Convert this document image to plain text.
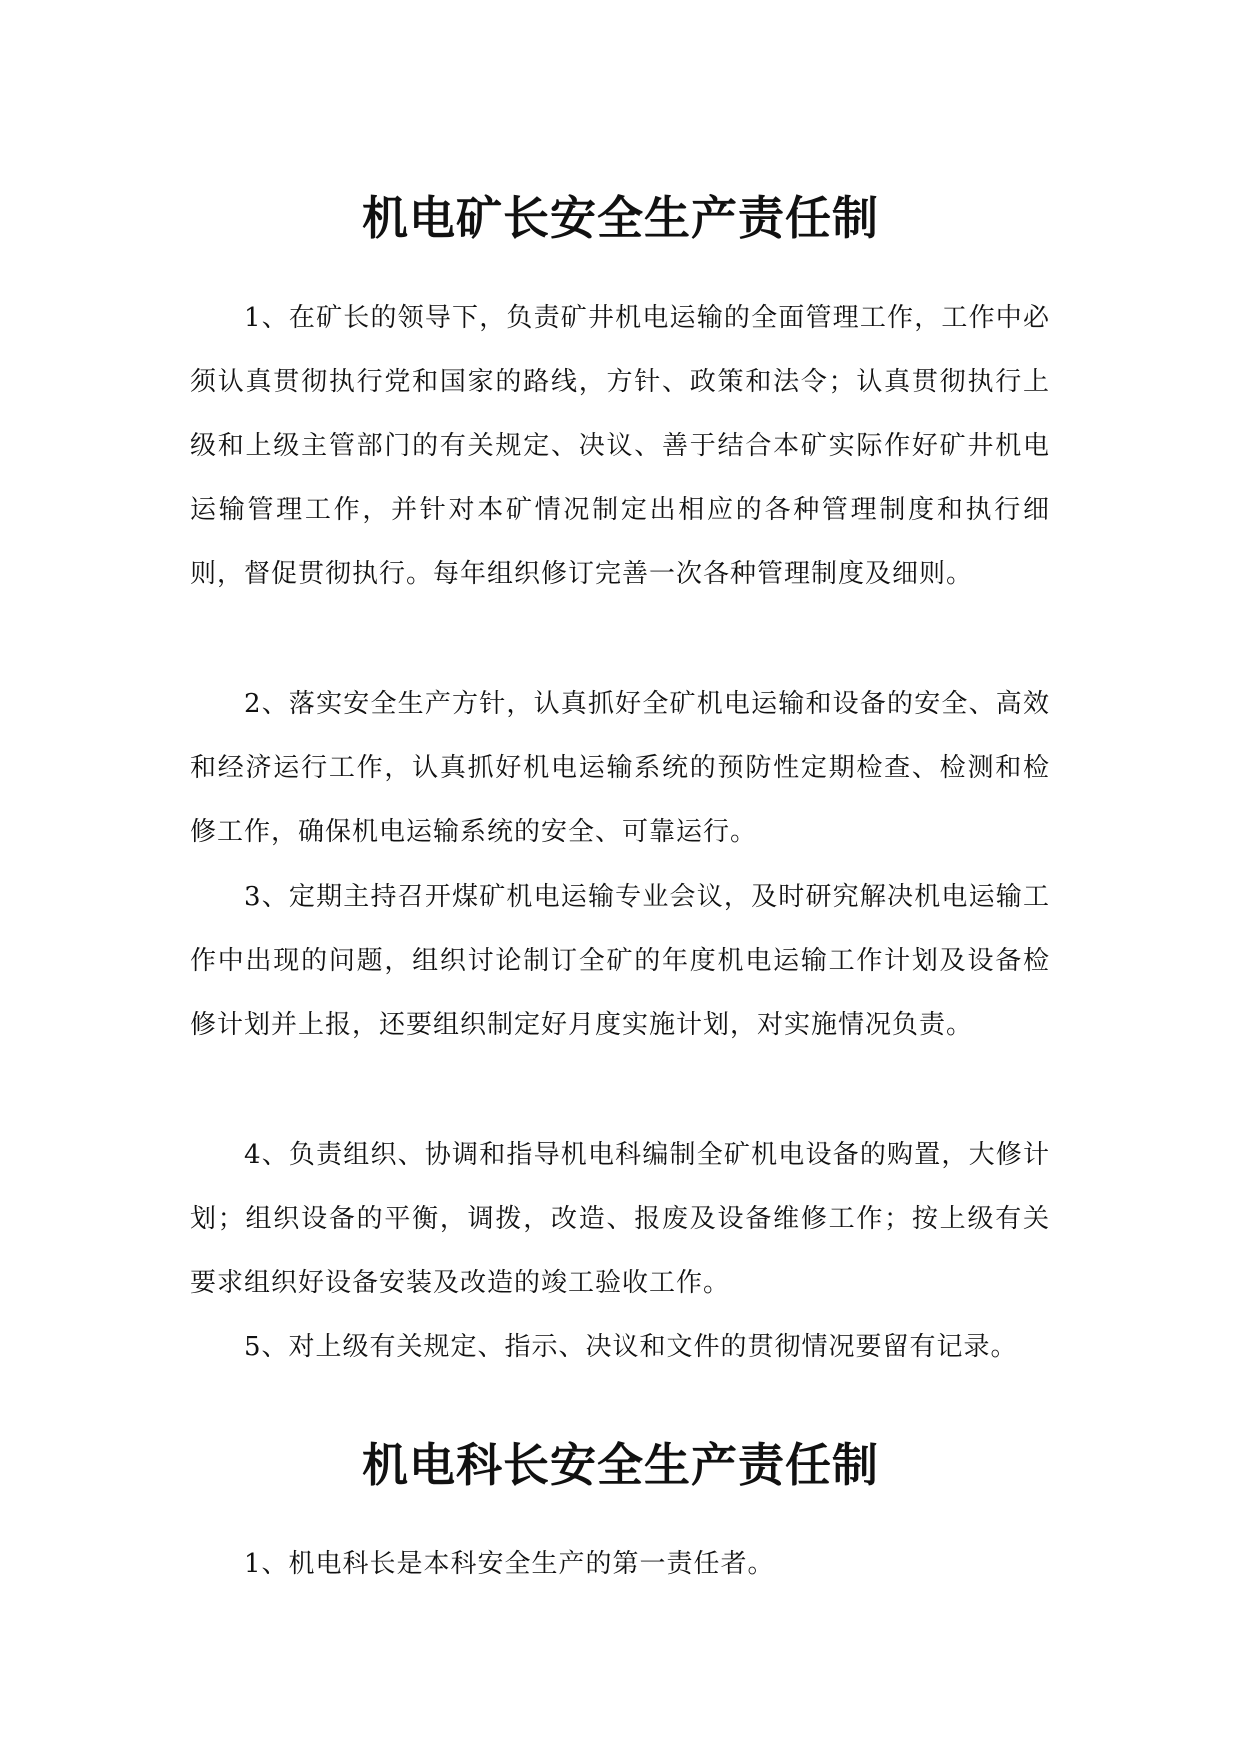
机电矿长安全生产责任制

1、在矿长的领导下，负责矿井机电运输的全面管理工作，工作中必须认真贯彻执行党和国家的路线，方针、政策和法令；认真贯彻执行上级和上级主管部门的有关规定、决议、善于结合本矿实际作好矿井机电运输管理工作，并针对本矿情况制定出相应的各种管理制度和执行细则，督促贯彻执行。每年组织修订完善一次各种管理制度及细则。

2、落实安全生产方针，认真抓好全矿机电运输和设备的安全、高效和经济运行工作，认真抓好机电运输系统的预防性定期检查、检测和检修工作，确保机电运输系统的安全、可靠运行。

3、定期主持召开煤矿机电运输专业会议，及时研究解决机电运输工作中出现的问题，组织讨论制订全矿的年度机电运输工作计划及设备检修计划并上报，还要组织制定好月度实施计划，对实施情况负责。

4、负责组织、协调和指导机电科编制全矿机电设备的购置，大修计划；组织设备的平衡，调拨，改造、报废及设备维修工作；按上级有关要求组织好设备安装及改造的竣工验收工作。

5、对上级有关规定、指示、决议和文件的贯彻情况要留有记录。

机电科长安全生产责任制

1、机电科长是本科安全生产的第一责任者。
